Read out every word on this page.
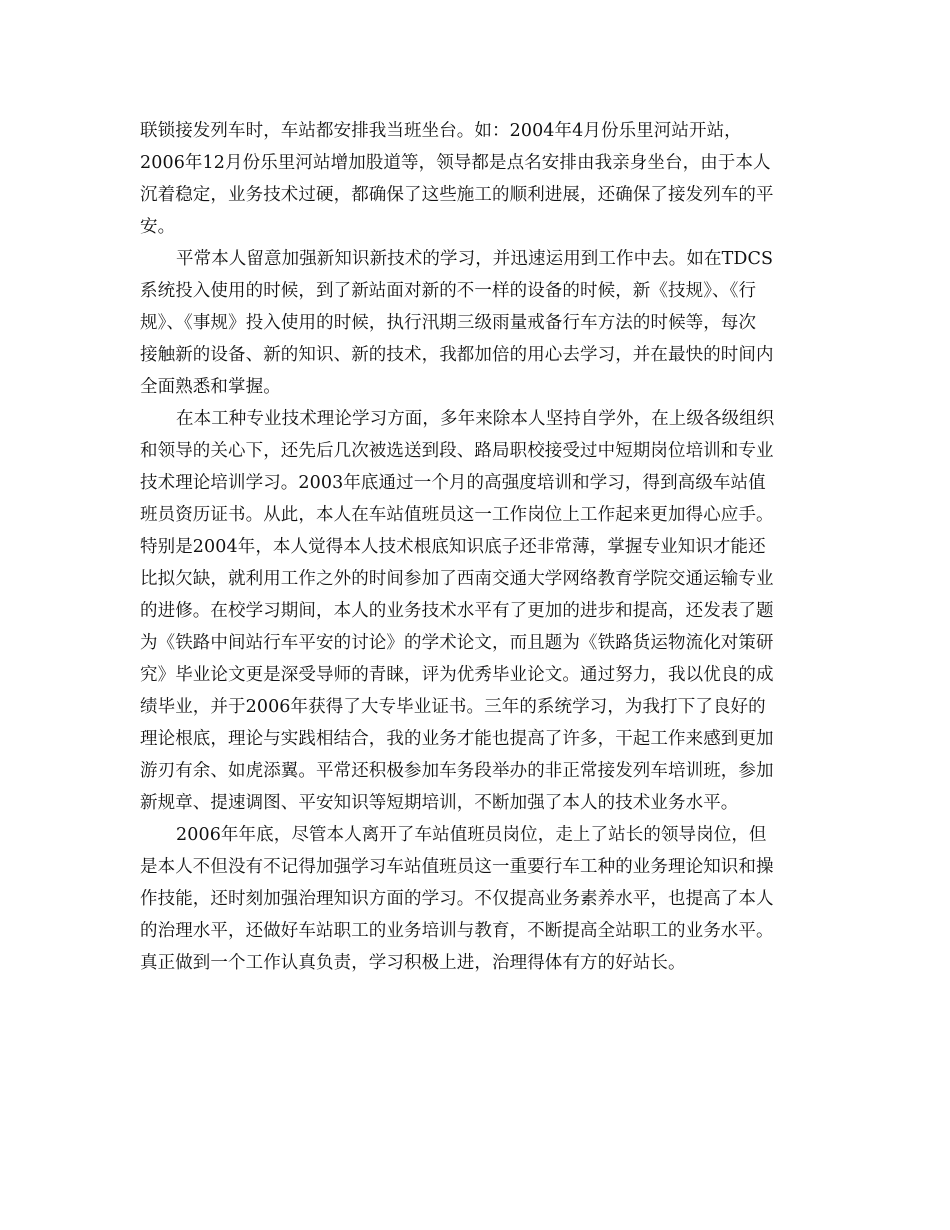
联锁接发列车时，车站都安排我当班坐台。如：2004年4月份乐里河站开站，
2006年12月份乐里河站增加股道等，领导都是点名安排由我亲身坐台，由于本人
沉着稳定，业务技术过硬，都确保了这些施工的顺利进展，还确保了接发列车的平
安。
平常本人留意加强新知识新技术的学习，并迅速运用到工作中去。如在TDCS
系统投入使用的时候，到了新站面对新的不一样的设备的时候，新《技规》、《行
规》、《事规》投入使用的时候，执行汛期三级雨量戒备行车方法的时候等，每次
接触新的设备、新的知识、新的技术，我都加倍的用心去学习，并在最快的时间内
全面熟悉和掌握。
在本工种专业技术理论学习方面，多年来除本人坚持自学外，在上级各级组织
和领导的关心下，还先后几次被选送到段、路局职校接受过中短期岗位培训和专业
技术理论培训学习。2003年底通过一个月的高强度培训和学习，得到高级车站值
班员资历证书。从此，本人在车站值班员这一工作岗位上工作起来更加得心应手。
特别是2004年，本人觉得本人技术根底知识底子还非常薄，掌握专业知识才能还
比拟欠缺，就利用工作之外的时间参加了西南交通大学网络教育学院交通运输专业
的进修。在校学习期间，本人的业务技术水平有了更加的进步和提高，还发表了题
为《铁路中间站行车平安的讨论》的学术论文，而且题为《铁路货运物流化对策研
究》毕业论文更是深受导师的青睐，评为优秀毕业论文。通过努力，我以优良的成
绩毕业，并于2006年获得了大专毕业证书。三年的系统学习，为我打下了良好的
理论根底，理论与实践相结合，我的业务才能也提高了许多，干起工作来感到更加
游刃有余、如虎添翼。平常还积极参加车务段举办的非正常接发列车培训班，参加
新规章、提速调图、平安知识等短期培训，不断加强了本人的技术业务水平。
2006年年底，尽管本人离开了车站值班员岗位，走上了站长的领导岗位，但
是本人不但没有不记得加强学习车站值班员这一重要行车工种的业务理论知识和操
作技能，还时刻加强治理知识方面的学习。不仅提高业务素养水平，也提高了本人
的治理水平，还做好车站职工的业务培训与教育，不断提高全站职工的业务水平。
真正做到一个工作认真负责，学习积极上进，治理得体有方的好站长。
